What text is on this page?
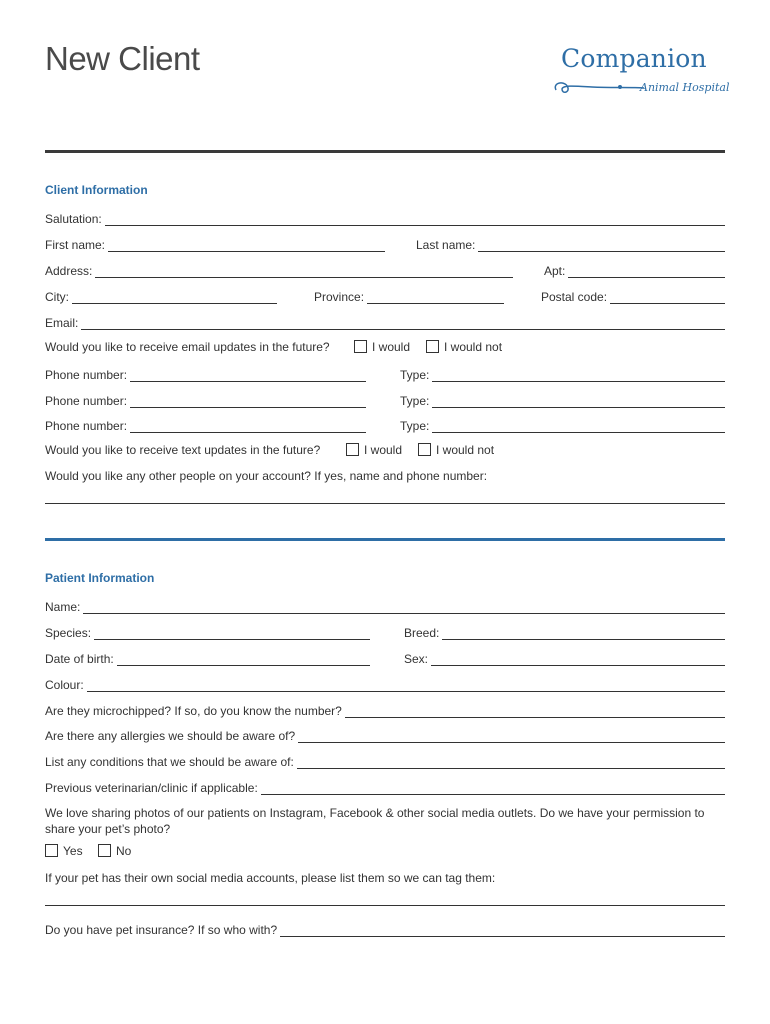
New Client	Companion
Animal Hospital
Client Information
Salutation:
First name:	Last name:
Address:	Apt:
City:	Province:	Postal code:
Email:
Would you like to receive email updates in the future?	I would	I would not
Phone number:	Type:
Phone number:	Type:
Phone number:	Type:
Would you like to receive text updates in the future?	I would	I would not
Would you like any other people on your account? If yes, name and phone number:
Patient Information
Name:
Species:	Breed:
Date of birth:	Sex:
Colour:
Are they microchipped? If so, do you know the number?
Are there any allergies we should be aware of?
List any conditions that we should be aware of:
Previous veterinarian/clinic if applicable:
We love sharing photos of our patients on Instagram, Facebook & other social media outlets. Do we have your permission to share your pet’s photo?
Yes	No
If your pet has their own social media accounts, please list them so we can tag them:
Do you have pet insurance? If so who with?
